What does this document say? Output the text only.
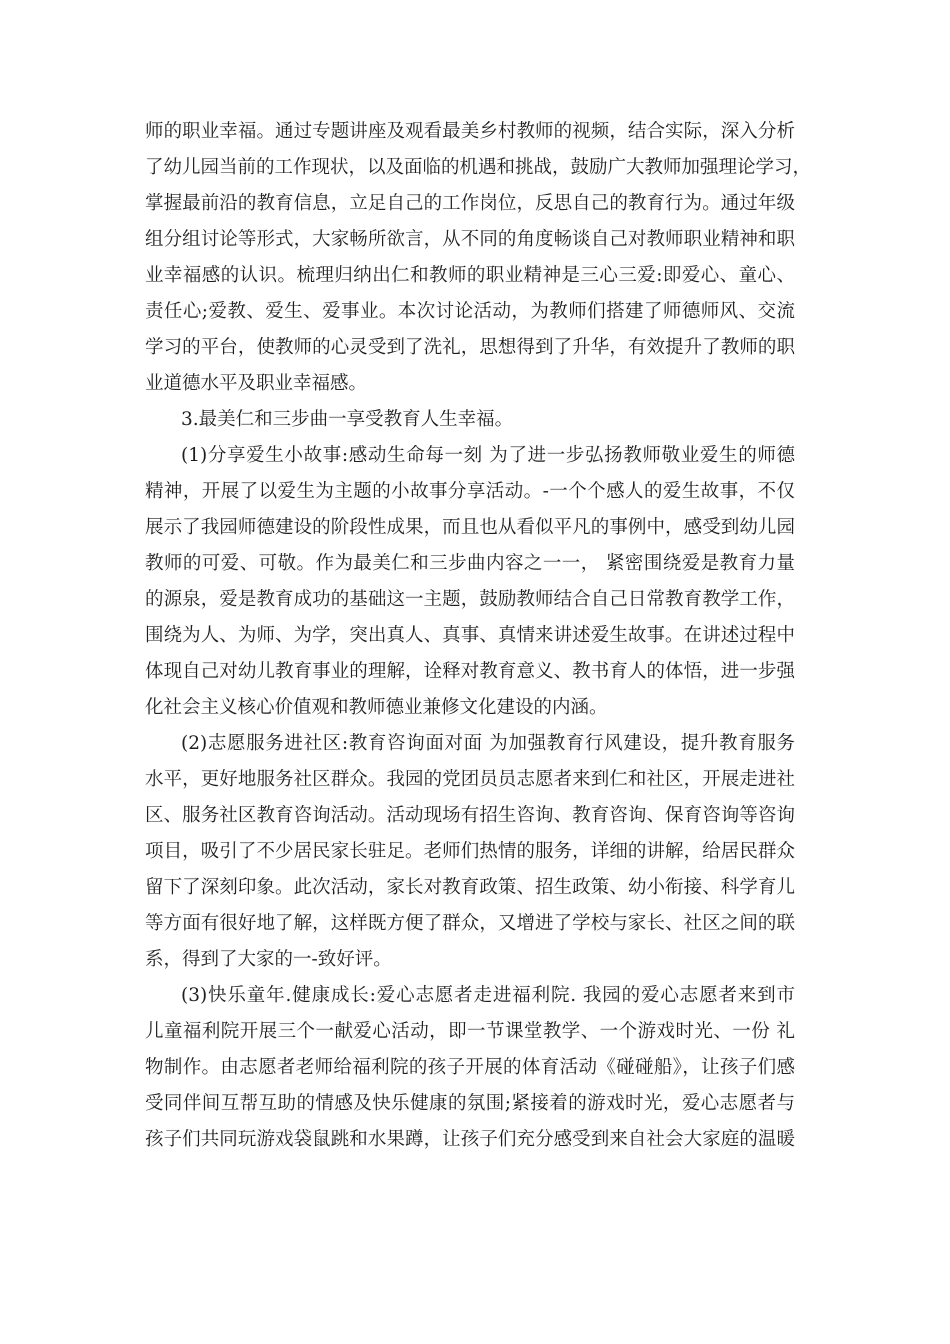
师的职业幸福。通过专题讲座及观看最美乡村教师的视频，结合实际，深入分析
了幼儿园当前的工作现状，以及面临的机遇和挑战，鼓励广大教师加强理论学习，
掌握最前沿的教育信息，立足自己的工作岗位，反思自己的教育行为。通过年级
组分组讨论等形式，大家畅所欲言，从不同的角度畅谈自己对教师职业精神和职
业幸福感的认识。梳理归纳出仁和教师的职业精神是三心三爱:即爱心、童心、
责任心;爱教、爱生、爱事业。本次讨论活动，为教师们搭建了师德师风、交流
学习的平台，使教师的心灵受到了洗礼，思想得到了升华，有效提升了教师的职
业道德水平及职业幸福感。
3.最美仁和三步曲一享受教育人生幸福。
(1)分享爱生小故事:感动生命每一刻 为了进一步弘扬教师敬业爱生的师德
精神，开展了以爱生为主题的小故事分享活动。-一个个感人的爱生故事，不仅
展示了我园师德建设的阶段性成果，而且也从看似平凡的事例中，感受到幼儿园
教师的可爱、可敬。作为最美仁和三步曲内容之一一， 紧密围绕爱是教育力量
的源泉，爱是教育成功的基础这一主题，鼓励教师结合自己日常教育教学工作，
围绕为人、为师、为学，突出真人、真事、真情来讲述爱生故事。在讲述过程中
体现自己对幼儿教育事业的理解，诠释对教育意义、教书育人的体悟，进一步强
化社会主义核心价值观和教师德业兼修文化建设的内涵。
(2)志愿服务进社区:教育咨询面对面 为加强教育行风建设，提升教育服务
水平，更好地服务社区群众。我园的党团员员志愿者来到仁和社区，开展走进社
区、服务社区教育咨询活动。活动现场有招生咨询、教育咨询、保育咨询等咨询
项目，吸引了不少居民家长驻足。老师们热情的服务，详细的讲解，给居民群众
留下了深刻印象。此次活动，家长对教育政策、招生政策、幼小衔接、科学育儿
等方面有很好地了解，这样既方便了群众，又增进了学校与家长、社区之间的联
系，得到了大家的一-致好评。
(3)快乐童年.健康成长:爱心志愿者走进福利院. 我园的爱心志愿者来到市
儿童福利院开展三个一献爱心活动，即一节课堂教学、一个游戏时光、一份 礼
物制作。由志愿者老师给福利院的孩子开展的体育活动《碰碰船》，让孩子们感
受同伴间互帮互助的情感及快乐健康的氛围;紧接着的游戏时光，爱心志愿者与
孩子们共同玩游戏袋鼠跳和水果蹲，让孩子们充分感受到来自社会大家庭的温暖
